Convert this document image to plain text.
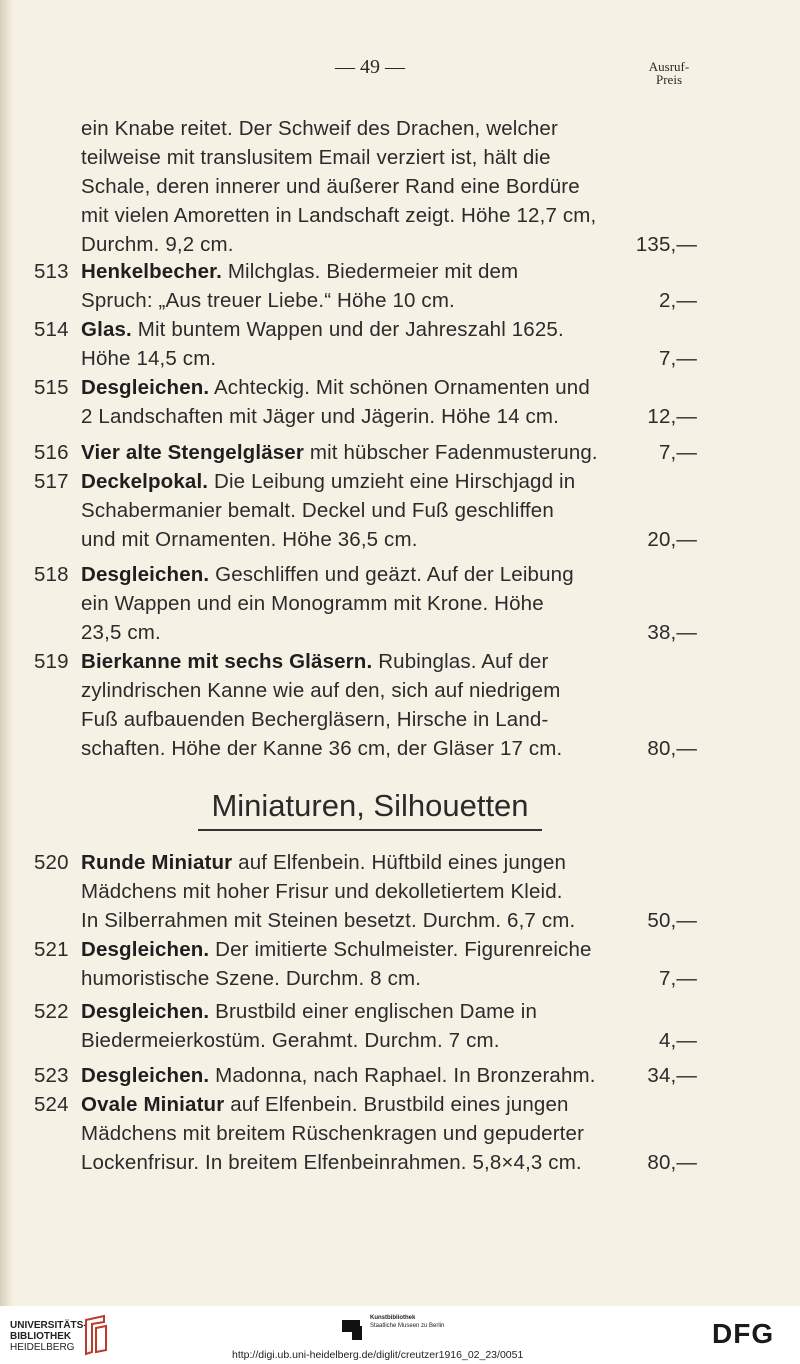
— 49 —	Ausruf-
Preis
ein Knabe reitet. Der Schweif des Drachen, welcher
teilweise mit translusitem Email verziert ist, hält die
Schale, deren innerer und äußerer Rand eine Bordüre
mit vielen Amoretten in Landschaft zeigt. Höhe 12,7 cm,
Durchm. 9,2 cm.	135,—
513 Henkelbecher. Milchglas. Biedermeier mit dem
Spruch: „Aus treuer Liebe.“ Höhe 10 cm.	2,—
514 Glas. Mit buntem Wappen und der Jahreszahl 1625.
Höhe 14,5 cm.	7,—
515 Desgleichen. Achteckig. Mit schönen Ornamenten und
2 Landschaften mit Jäger und Jägerin. Höhe 14 cm.	12,—
516 Vier alte Stengelgläser mit hübscher Fadenmusterung.	7,—
517 Deckelpokal. Die Leibung umzieht eine Hirschjagd in
Schabermanier bemalt. Deckel und Fuß geschliffen
und mit Ornamenten. Höhe 36,5 cm.	20,—
518 Desgleichen. Geschliffen und geäzt. Auf der Leibung
ein Wappen und ein Monogramm mit Krone. Höhe
23,5 cm.	38,—
519 Bierkanne mit sechs Gläsern. Rubinglas. Auf der
zylindrischen Kanne wie auf den, sich auf niedrigem
Fuß aufbauenden Bechergläsern, Hirsche in Land-
schaften. Höhe der Kanne 36 cm, der Gläser 17 cm.	80,—
520 Runde Miniatur auf Elfenbein. Hüftbild eines jungen
Mädchens mit hoher Frisur und dekolletiertem Kleid.
In Silberrahmen mit Steinen besetzt. Durchm. 6,7 cm.	50,—
521 Desgleichen. Der imitierte Schulmeister. Figurenreiche
humoristische Szene. Durchm. 8 cm.	7,—
522 Desgleichen. Brustbild einer englischen Dame in
Biedermeierkostüm. Gerahmt. Durchm. 7 cm.	4,—
523 Desgleichen. Madonna, nach Raphael. In Bronzerahm.	34,—
524 Ovale Miniatur auf Elfenbein. Brustbild eines jungen
Mädchens mit breitem Rüschenkragen und gepuderter
Lockenfrisur. In breitem Elfenbeinrahmen. 5,8×4,3 cm.	80,—
Miniaturen, Silhouetten
UNIVERSITÄTS-
BIBLIOTHEK
HEIDELBERG
Kunstbibliothek
Staatliche Museen zu Berlin	DFG
http://digi.ub.uni-heidelberg.de/diglit/creutzer1916_02_23/0051
